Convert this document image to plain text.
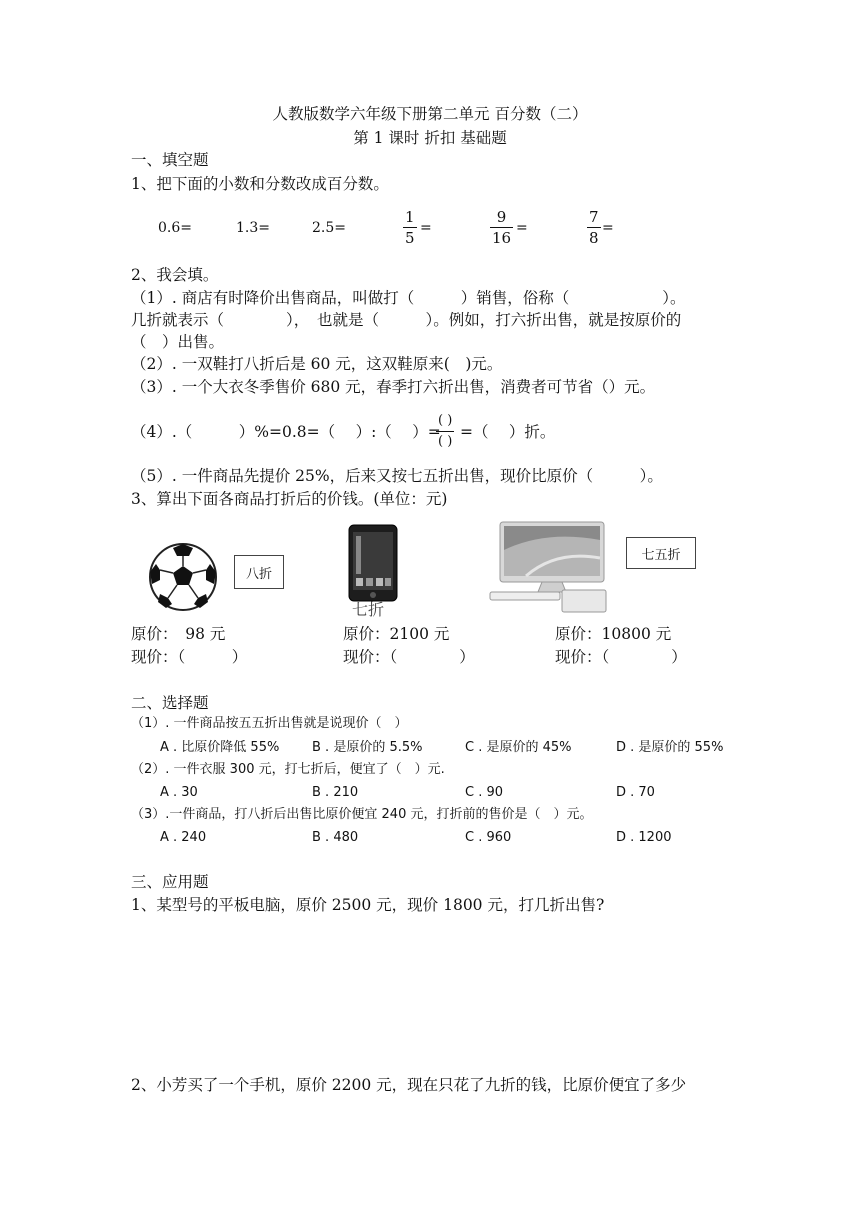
人教版数学六年级下册第二单元 百分数（二）
第 1 课时 折扣 基础题
一、填空题
1、把下面的小数和分数改成百分数。
0.6=	1.3=	2.5=
1
5
=
9
16
=
7
8
=
2、我会填。
（1）. 商店有时降价出售商品，叫做打（　　　）销售，俗称（　　　　　　）。
几折就表示（　　　　），　也就是（　　　）。例如，打六折出售，就是按原价的
（　）出售。
（2）. 一双鞋打八折后是 60 元，这双鞋原来(　)元。
（3）. 一个大衣冬季售价 680 元，春季打六折出售，消费者可节省（）元。
（4）.（　　　）%=0.8=（　 ）:（　 ）=
( )
( )
=（　 ）折。
（5）. 一件商品先提价 25%，后来又按七五折出售，现价比原价（　　　）。
3、算出下面各商品打折后的价钱。(单位：元)
八折
七折
七五折
原价：　98 元
现价：（　　　）
原价：2100 元
现价：（　　　　）
原价：10800 元
现价：（　　　　）
二、选择题
（1）. 一件商品按五五折出售就是说现价（　）
A . 比原价降低 55%	B . 是原价的 5.5%	C . 是原价的 45%	D . 是原价的 55%
（2）. 一件衣服 300 元，打七折后，便宜了（　）元.
A . 30	B . 210	C . 90	D . 70
（3）.一件商品，打八折后出售比原价便宜 240 元，打折前的售价是（　）元。
A . 240	B . 480	C . 960	D . 1200
三、应用题
1、某型号的平板电脑，原价 2500 元，现价 1800 元，打几折出售?
2、小芳买了一个手机，原价 2200 元，现在只花了九折的钱，比原价便宜了多少
